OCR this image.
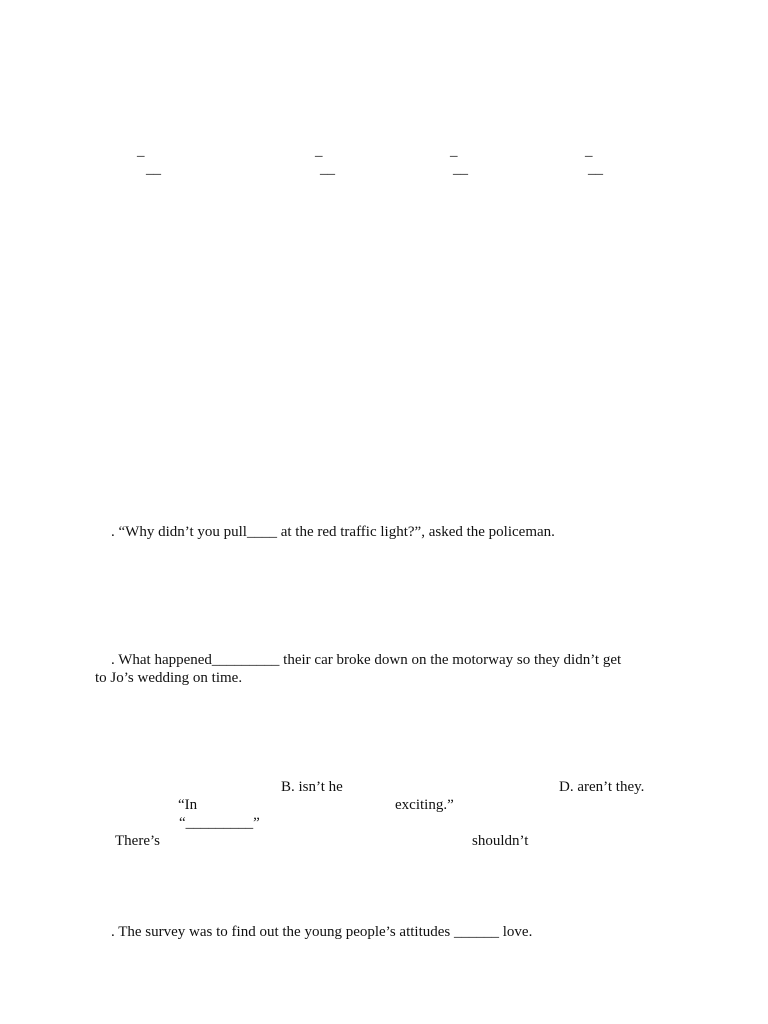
_	_	_	_
__	__	__	__
. “Why didn’t you pull____ at the red traffic light?”, asked the policeman.
. What happened_________ their car broke down on the motorway so they didn’t get
to Jo’s wedding on time.
B. isn’t he	D. aren’t they.
“In	exciting.”
“_________”
There’s	shouldn’t
. The survey was to find out the young people’s attitudes ______ love.
